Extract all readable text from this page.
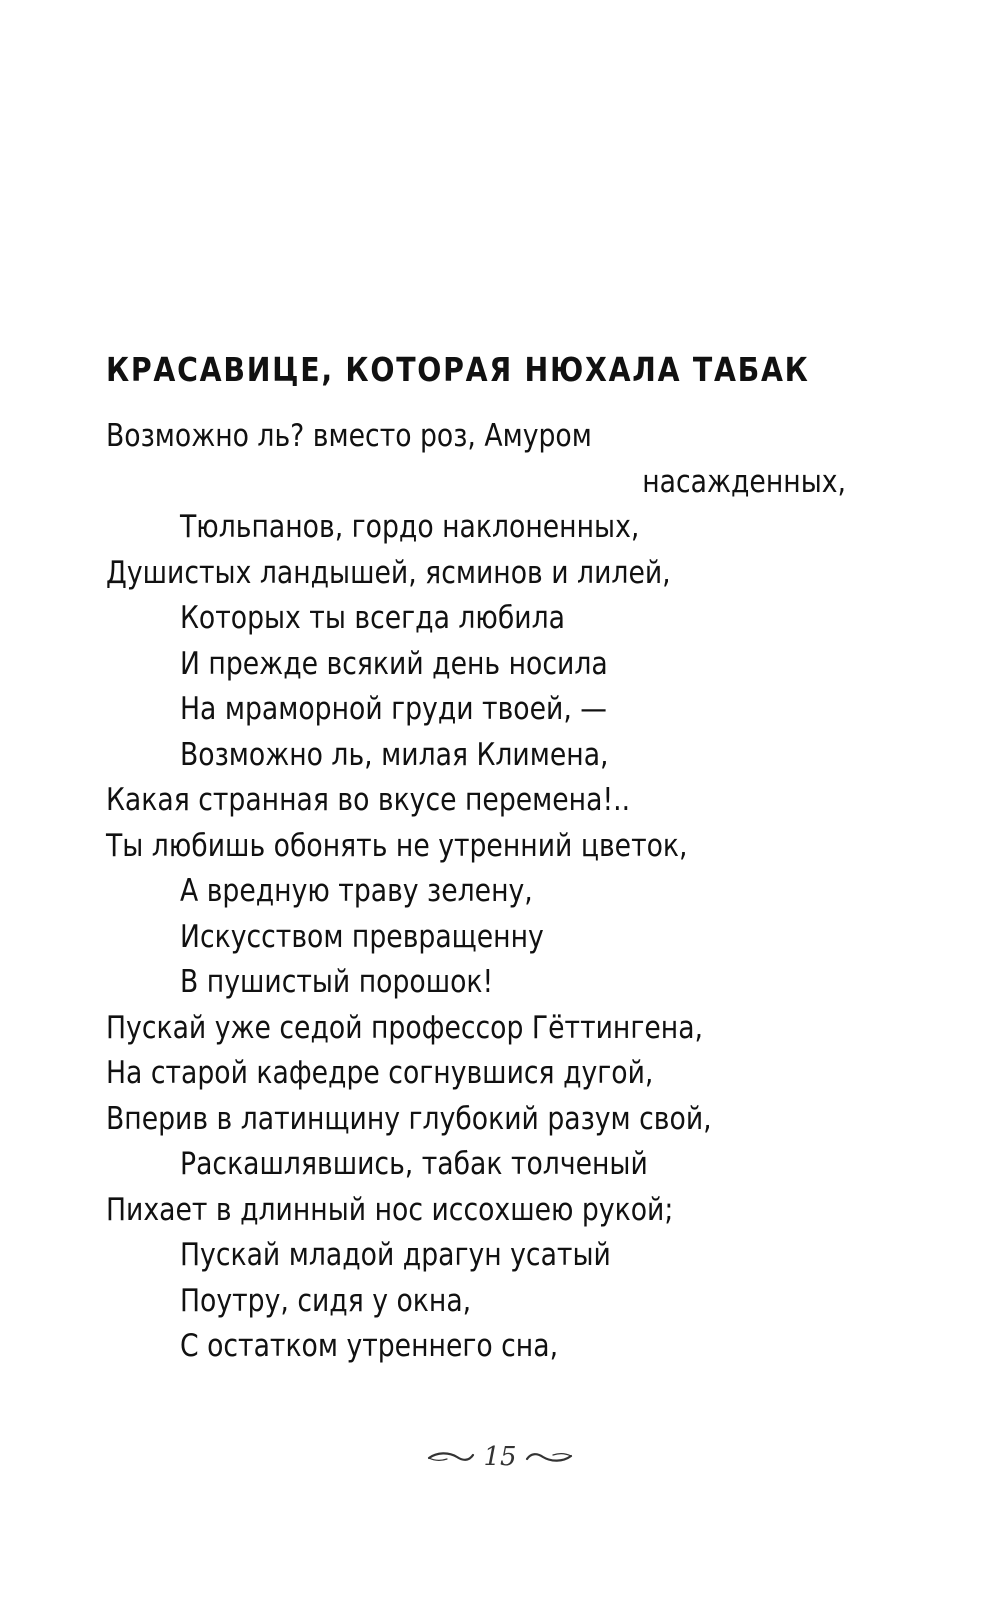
КРАСАВИЦЕ, КОТОРАЯ НЮХАЛА ТАБАК
Возможно ль? вместо роз, Амуром
насажденных,
Тюльпанов, гордо наклоненных,
Душистых ландышей, ясминов и лилей,
Которых ты всегда любила
И прежде всякий день носила
На мраморной груди твоей, —
Возможно ль, милая Климена,
Какая странная во вкусе перемена!..
Ты любишь обонять не утренний цветок,
А вредную траву зелену,
Искусством превращенну
В пушистый порошок!
Пускай уже седой профессор Гёттингена,
На старой кафедре согнувшися дугой,
Вперив в латинщину глубокий разум свой,
Раскашлявшись, табак толченый
Пихает в длинный нос иссохшею рукой;
Пускай младой драгун усатый
Поутру, сидя у окна,
С остатком утреннего сна,
15
